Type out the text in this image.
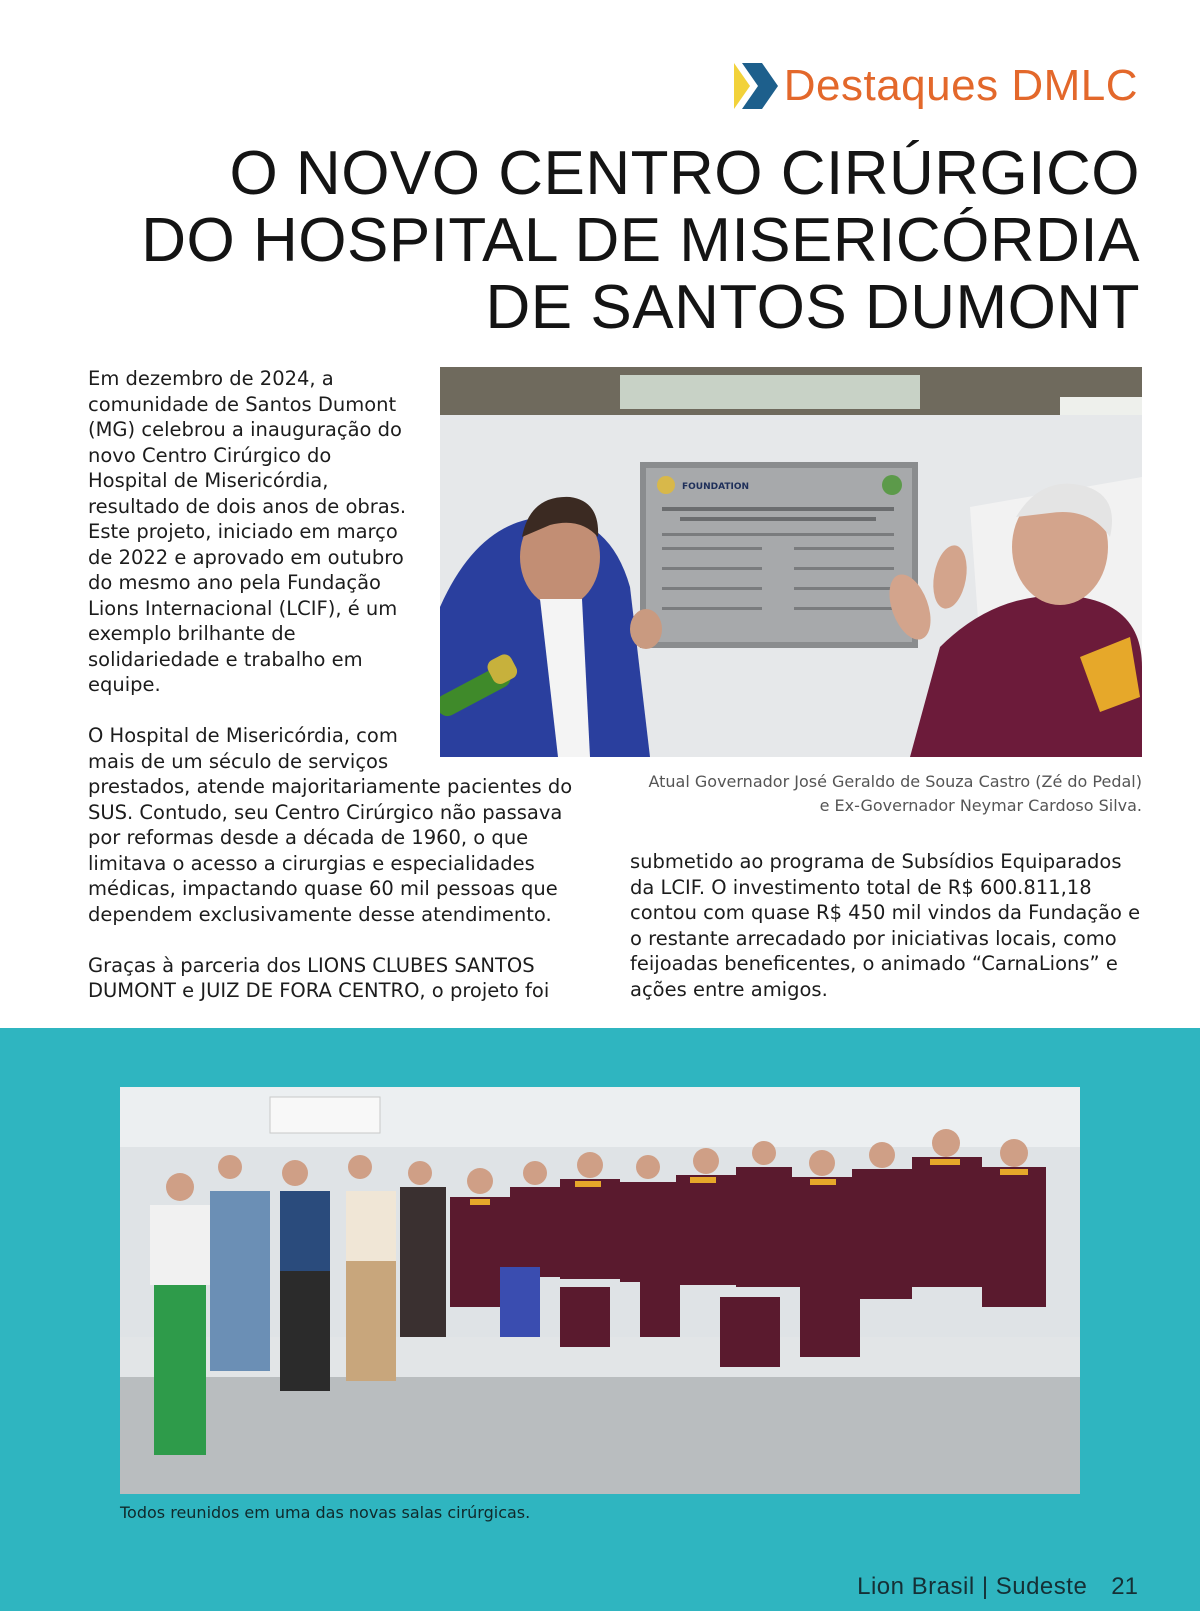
Destaques DMLC
O NOVO CENTRO CIRÚRGICO
DO HOSPITAL DE MISERICÓRDIA
DE SANTOS DUMONT

Em dezembro de 2024, a comunidade de Santos Dumont (MG) celebrou a inauguração do novo Centro Cirúrgico do Hospital de Misericórdia, resultado de dois anos de obras. Este projeto, iniciado em março de 2022 e aprovado em outubro do mesmo ano pela Fundação Lions Internacional (LCIF), é um exemplo brilhante de solidariedade e trabalho em equipe.

O Hospital de Misericórdia, com mais de um século de serviços
prestados, atende majoritariamente pacientes do SUS. Contudo, seu Centro Cirúrgico não passava por reformas desde a década de 1960, o que limitava o acesso a cirurgias e especialidades médicas, impactando quase 60 mil pessoas que dependem exclusivamente desse atendimento.

Graças à parceria dos LIONS CLUBES SANTOS DUMONT e JUIZ DE FORA CENTRO, o projeto foi

FOUNDATION
Atual Governador José Geraldo de Souza Castro (Zé do Pedal)
e Ex-Governador Neymar Cardoso Silva.
submetido ao programa de Subsídios Equiparados da LCIF. O investimento total de R$ 600.811,18 contou com quase R$ 450 mil vindos da Fundação e o restante arrecadado por iniciativas locais, como feijoadas beneficentes, o animado “CarnaLions” e ações entre amigos.
Todos reunidos em uma das novas salas cirúrgicas.
Lion Brasil | Sudeste 21
